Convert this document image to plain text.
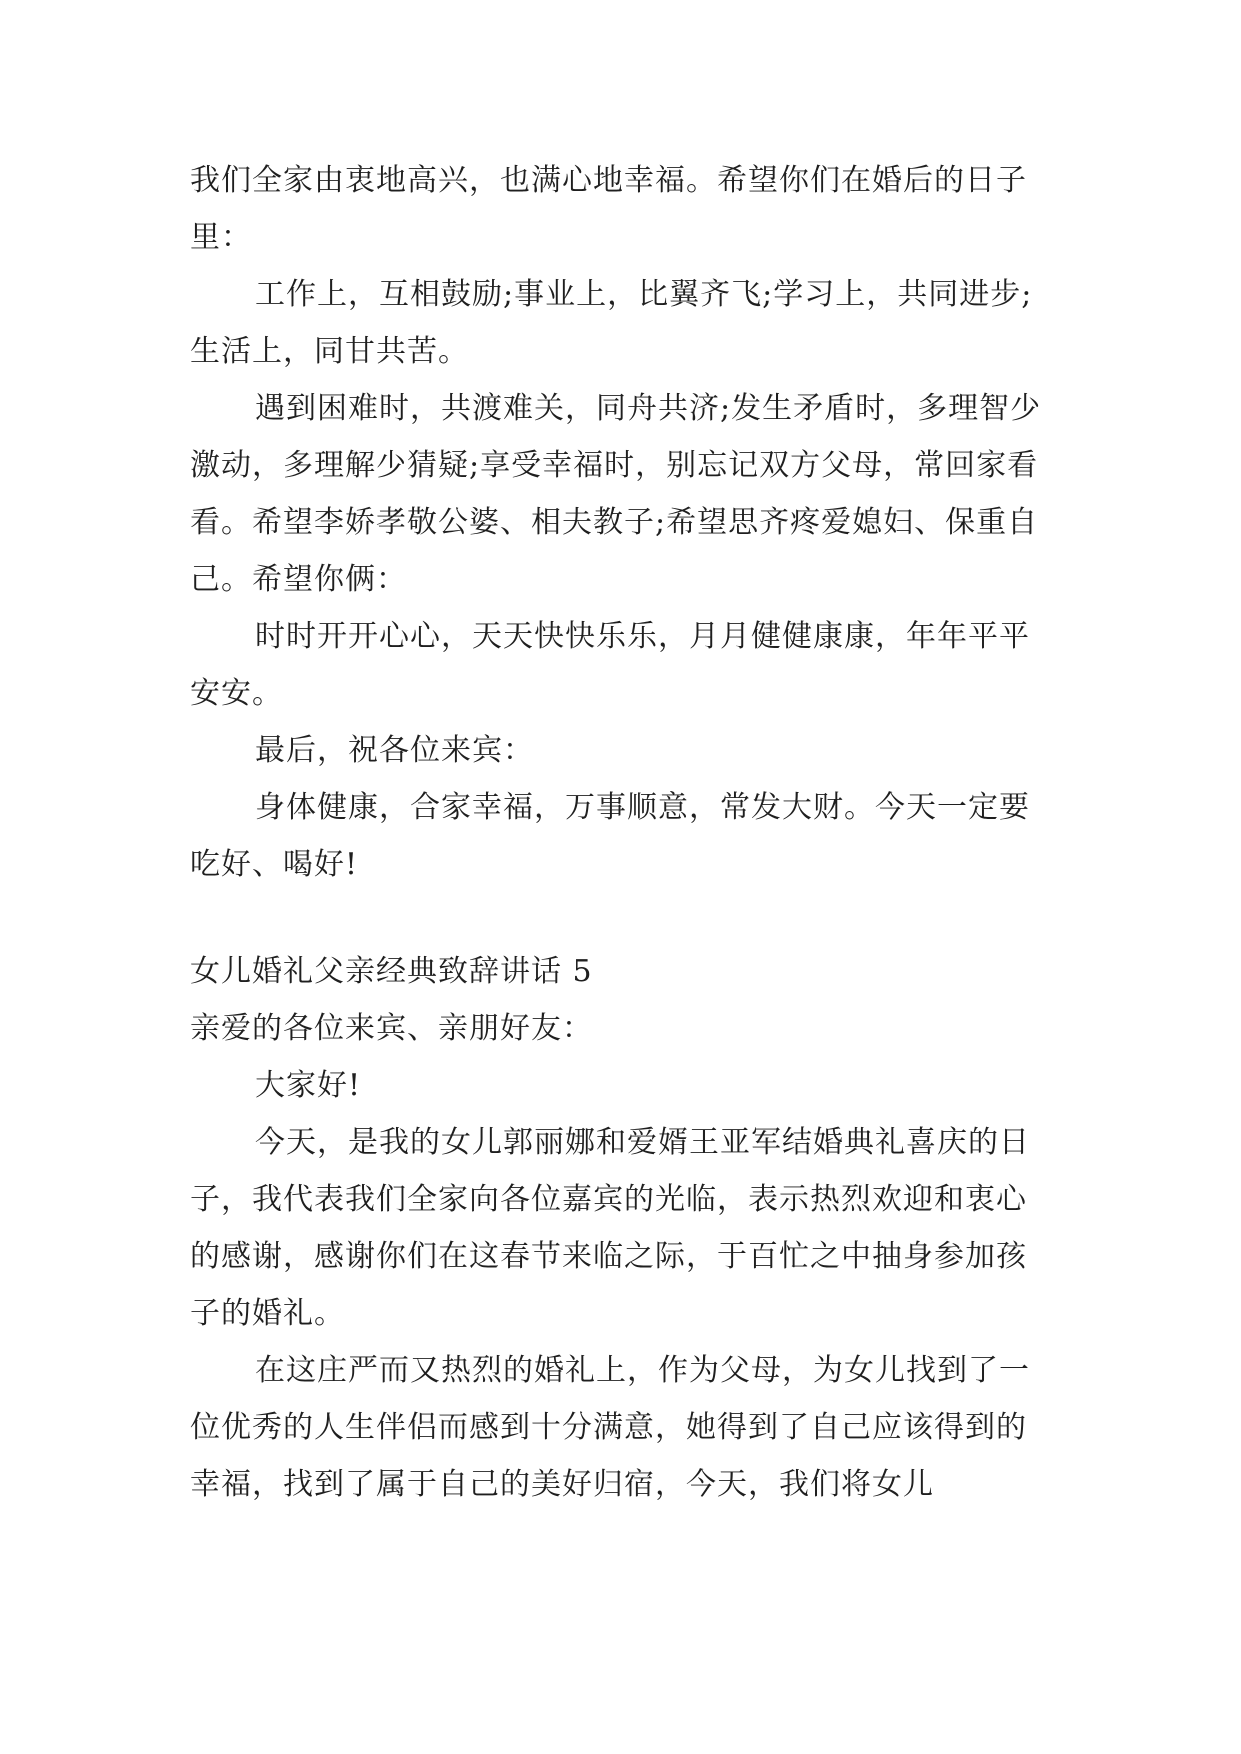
我们全家由衷地高兴，也满心地幸福。希望你们在婚后的日子里：

工作上，互相鼓励;事业上，比翼齐飞;学习上，共同进步;生活上，同甘共苦。

遇到困难时，共渡难关，同舟共济;发生矛盾时，多理智少激动，多理解少猜疑;享受幸福时，别忘记双方父母，常回家看看。希望李娇孝敬公婆、相夫教子;希望思齐疼爱媳妇、保重自己。希望你俩：

时时开开心心，天天快快乐乐，月月健健康康，年年平平安安。

最后，祝各位来宾：

身体健康，合家幸福，万事顺意，常发大财。今天一定要吃好、喝好!

女儿婚礼父亲经典致辞讲话 5

亲爱的各位来宾、亲朋好友：

大家好!

今天，是我的女儿郭丽娜和爱婿王亚军结婚典礼喜庆的日子，我代表我们全家向各位嘉宾的光临，表示热烈欢迎和衷心的感谢，感谢你们在这春节来临之际，于百忙之中抽身参加孩子的婚礼。

在这庄严而又热烈的婚礼上，作为父母，为女儿找到了一位优秀的人生伴侣而感到十分满意，她得到了自己应该得到的幸福，找到了属于自己的美好归宿，今天，我们将女儿
